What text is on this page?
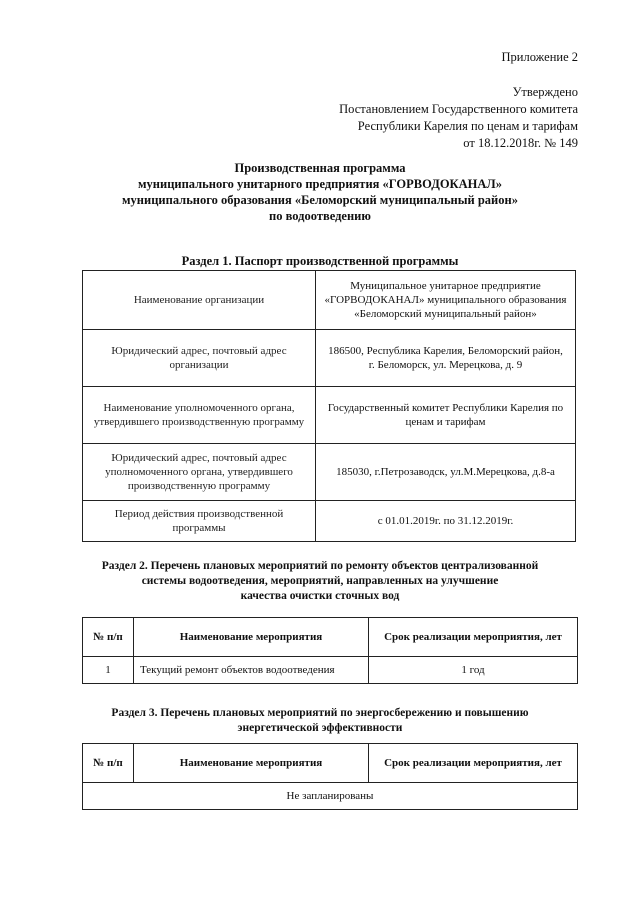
Приложение 2
Утверждено
Постановлением Государственного комитета
Республики Карелия по ценам и тарифам
от 18.12.2018г. № 149
Производственная программа
муниципального унитарного предприятия «ГОРВОДОКАНАЛ»
муниципального образования «Беломорский муниципальный район»
по водоотведению
Раздел 1. Паспорт производственной программы
Наименование организации	Муниципальное унитарное предприятие «ГОРВОДОКАНАЛ» муниципального образования «Беломорский муниципальный район»
Юридический адрес, почтовый адрес организации	186500, Республика Карелия, Беломорский район, г. Беломорск, ул. Мерецкова, д. 9
Наименование уполномоченного органа, утвердившего производственную программу	Государственный комитет Республики Карелия по ценам и тарифам
Юридический адрес, почтовый адрес уполномоченного органа, утвердившего производственную программу	185030, г.Петрозаводск, ул.М.Мерецкова, д.8-а
Период действия производственной программы	с 01.01.2019г. по 31.12.2019г.
Раздел 2. Перечень плановых мероприятий по ремонту объектов централизованной
системы водоотведения, мероприятий, направленных на улучшение
качества очистки сточных вод
№ п/п	Наименование мероприятия	Срок реализации мероприятия, лет
1	Текущий ремонт объектов водоотведения	1 год
Раздел 3. Перечень плановых мероприятий по энергосбережению и повышению
энергетической эффективности
№ п/п	Наименование мероприятия	Срок реализации мероприятия, лет
Не запланированы
